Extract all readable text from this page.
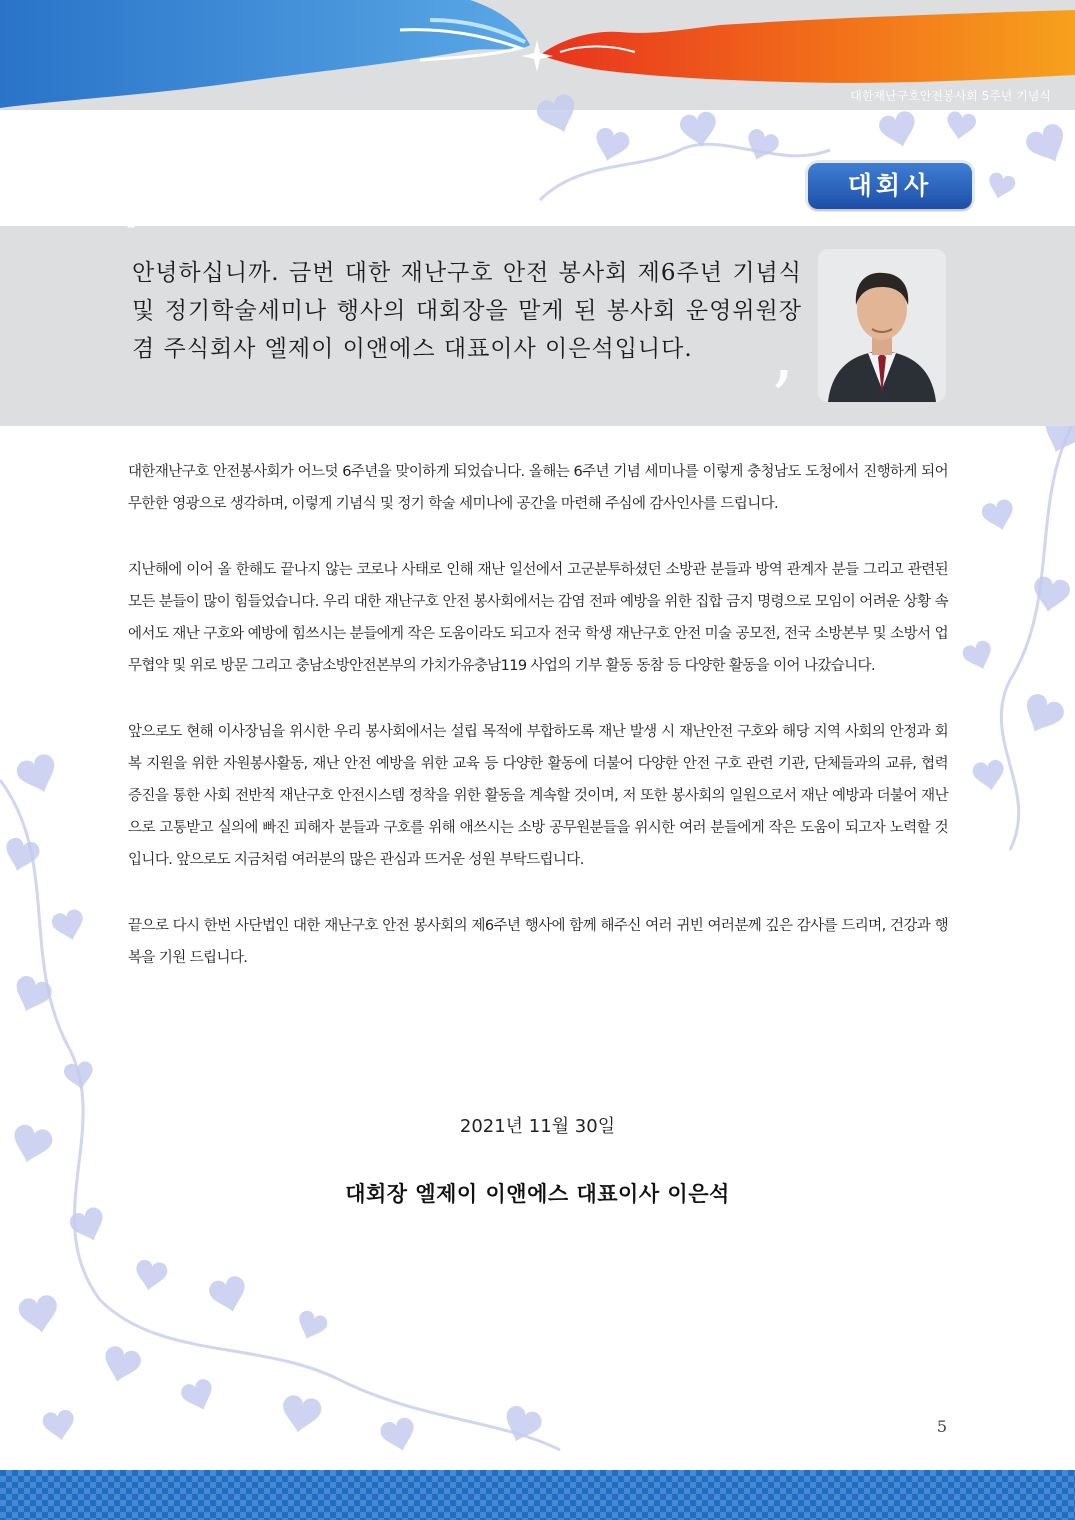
대한재난구호안전봉사회 5주년 기념식
대회사
‘
’

안녕하십니까. 금번 대한 재난구호 안전 봉사회 제6주년 기념식 및 정기학술세미나 행사의 대회장을 맡게 된 봉사회 운영위원장 겸 주식회사 엘제이 이앤에스 대표이사 이은석입니다.

대한재난구호 안전봉사회가 어느덧 6주년을 맞이하게 되었습니다. 올해는 6주년 기념 세미나를 이렇게 충청남도 도청에서 진행하게 되어 무한한 영광으로 생각하며, 이렇게 기념식 및 정기 학술 세미나에 공간을 마련해 주심에 감사인사를 드립니다.

지난해에 이어 올 한해도 끝나지 않는 코로나 사태로 인해 재난 일선에서 고군분투하셨던 소방관 분들과 방역 관계자 분들 그리고 관련된 모든 분들이 많이 힘들었습니다. 우리 대한 재난구호 안전 봉사회에서는 감염 전파 예방을 위한 집합 금지 명령으로 모임이 어려운 상황 속에서도 재난 구호와 예방에 힘쓰시는 분들에게 작은 도움이라도 되고자 전국 학생 재난구호 안전 미술 공모전, 전국 소방본부 및 소방서 업무협약 및 위로 방문 그리고 충남소방안전본부의 가치가유충남119 사업의 기부 활동 동참 등 다양한 활동을 이어 나갔습니다.

앞으로도 현해 이사장님을 위시한 우리 봉사회에서는 설립 목적에 부합하도록 재난 발생 시 재난안전 구호와 해당 지역 사회의 안정과 회복 지원을 위한 자원봉사활동, 재난 안전 예방을 위한 교육 등 다양한 활동에 더불어 다양한 안전 구호 관련 기관, 단체들과의 교류, 협력 증진을 통한 사회 전반적 재난구호 안전시스템 정착을 위한 활동을 계속할 것이며, 저 또한 봉사회의 일원으로서 재난 예방과 더불어 재난으로 고통받고 실의에 빠진 피해자 분들과 구호를 위해 애쓰시는 소방 공무원분들을 위시한 여러 분들에게 작은 도움이 되고자 노력할 것입니다. 앞으로도 지금처럼 여러분의 많은 관심과 뜨거운 성원 부탁드립니다.

끝으로 다시 한번 사단법인 대한 재난구호 안전 봉사회의 제6주년 행사에 함께 해주신 여러 귀빈 여러분께 깊은 감사를 드리며, 건강과 행복을 기원 드립니다.

2021년 11월 30일
대회장 엘제이 이앤에스 대표이사 이은석
5
